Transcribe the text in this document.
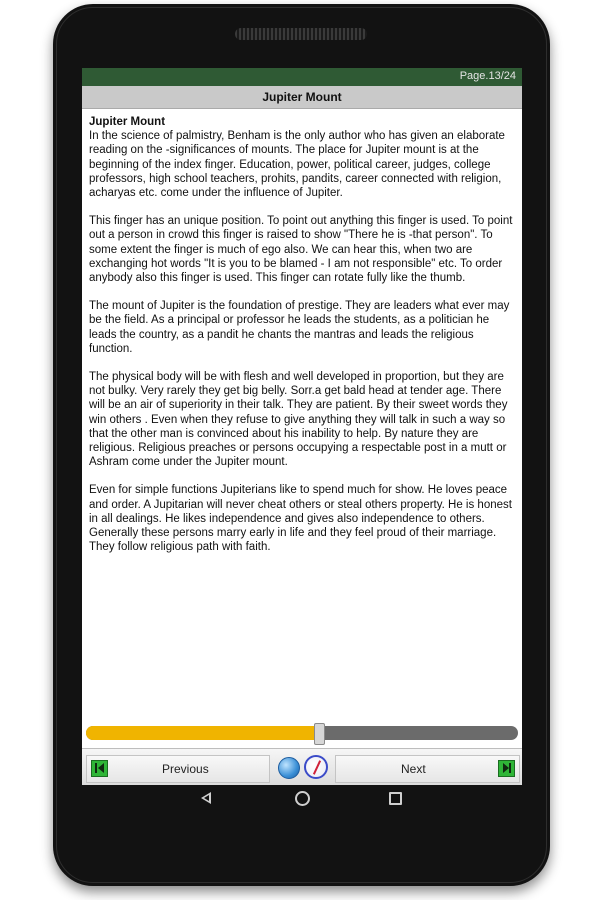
Page.13/24
Jupiter Mount
Jupiter Mount

In the science of palmistry, Benham is the only author who has given an elaborate reading on the -significances of mounts. The place for Jupiter mount is at the beginning of the index finger. Education, power, political career, judges, college professors, high school teachers, prohits, pandits, career connected with religion, acharyas etc. come under the influence of Jupiter.

This finger has an unique position. To point out anything this finger is used. To point out a person in crowd this finger is raised to show "There he is -that person". To some extent the finger is much of ego also. We can hear this, when two are exchanging hot words "It is you to be blamed - I am not responsible" etc. To order anybody also this finger is used. This finger can rotate fully like the thumb.

The mount of Jupiter is the foundation of prestige. They are leaders what ever may be the field. As a principal or professor he leads the students, as a politician he leads the country, as a pandit he chants the mantras and leads the religious function.

The physical body will be with flesh and well developed in proportion, but they are not bulky. Very rarely they get big belly. Sorr.a get bald head at tender age. There will be an air of superiority in their talk. They are patient. By their sweet words they win others . Even when they refuse to give anything they will talk in such a way so that the other man is convinced about his inability to help. By nature they are religious. Religious preaches or persons occupying a respectable post in a mutt or Ashram come under the Jupiter mount.

Even for simple functions Jupiterians like to spend much for show. He loves peace and order. A Jupitarian will never cheat others or steal others property. He is honest in all dealings. He likes independence and gives also independence to others. Generally these persons marry early in life and they feel proud of their marriage. They follow religious path with faith.

Previous	Next
